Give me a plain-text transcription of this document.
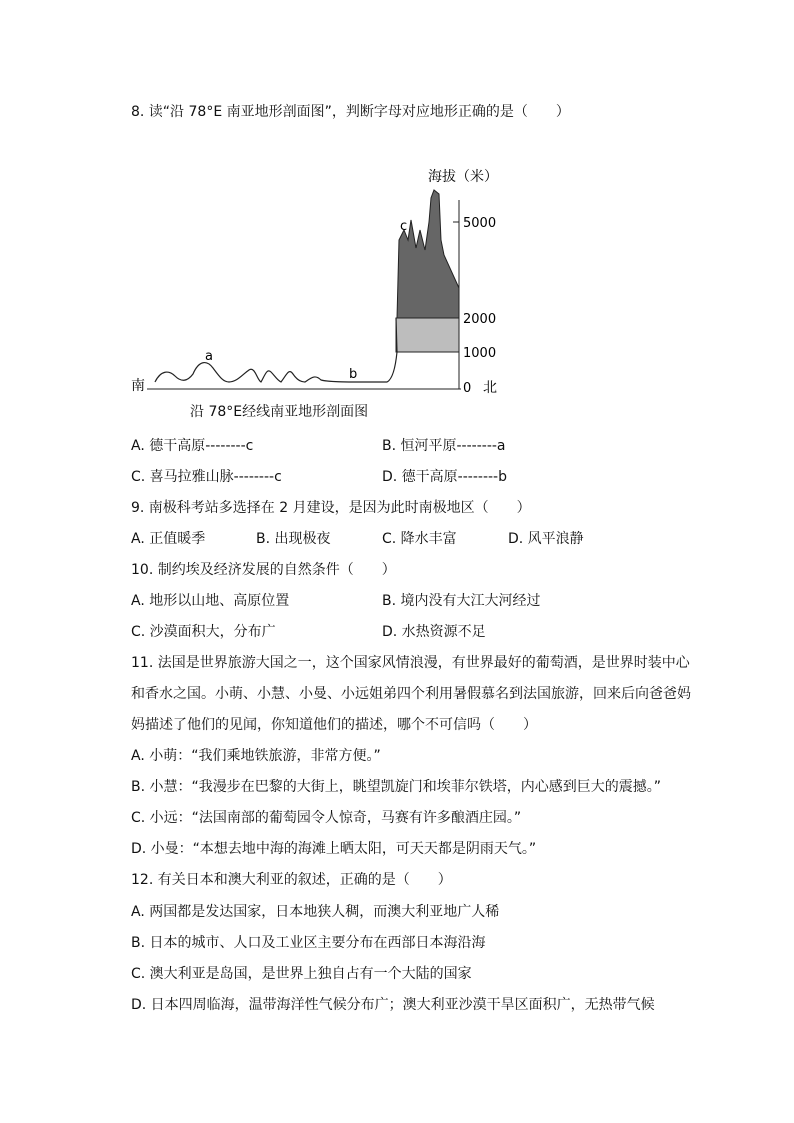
8. 读“沿 78°E 南亚地形剖面图”，判断字母对应地形正确的是（　　）
海拔（米）
5000
2000
1000
0 北
南
a
b
c
沿 78°E经线南亚地形剖面图
A. 德干高原--------c	B. 恒河平原--------a
C. 喜马拉雅山脉--------c	D. 德干高原--------b
9. 南极科考站多选择在 2 月建设，是因为此时南极地区（　　）
A. 正值暖季	B. 出现极夜	C. 降水丰富	D. 风平浪静
10. 制约埃及经济发展的自然条件（　　）
A. 地形以山地、高原位置	B. 境内没有大江大河经过
C. 沙漠面积大，分布广	D. 水热资源不足
11. 法国是世界旅游大国之一，这个国家风情浪漫，有世界最好的葡萄酒，是世界时装中心
和香水之国。小萌、小慧、小曼、小远姐弟四个利用暑假慕名到法国旅游，回来后向爸爸妈
妈描述了他们的见闻，你知道他们的描述，哪个不可信吗（　　）
A. 小萌：“我们乘地铁旅游，非常方便。”
B. 小慧：“我漫步在巴黎的大街上，眺望凯旋门和埃菲尔铁塔，内心感到巨大的震撼。”
C. 小远：“法国南部的葡萄园令人惊奇，马赛有许多酿酒庄园。”
D. 小曼：“本想去地中海的海滩上晒太阳，可天天都是阴雨天气。”
12. 有关日本和澳大利亚的叙述，正确的是（　　）
A. 两国都是发达国家，日本地狭人稠，而澳大利亚地广人稀
B. 日本的城市、人口及工业区主要分布在西部日本海沿海
C. 澳大利亚是岛国，是世界上独自占有一个大陆的国家
D. 日本四周临海，温带海洋性气候分布广；澳大利亚沙漠干旱区面积广，无热带气候
